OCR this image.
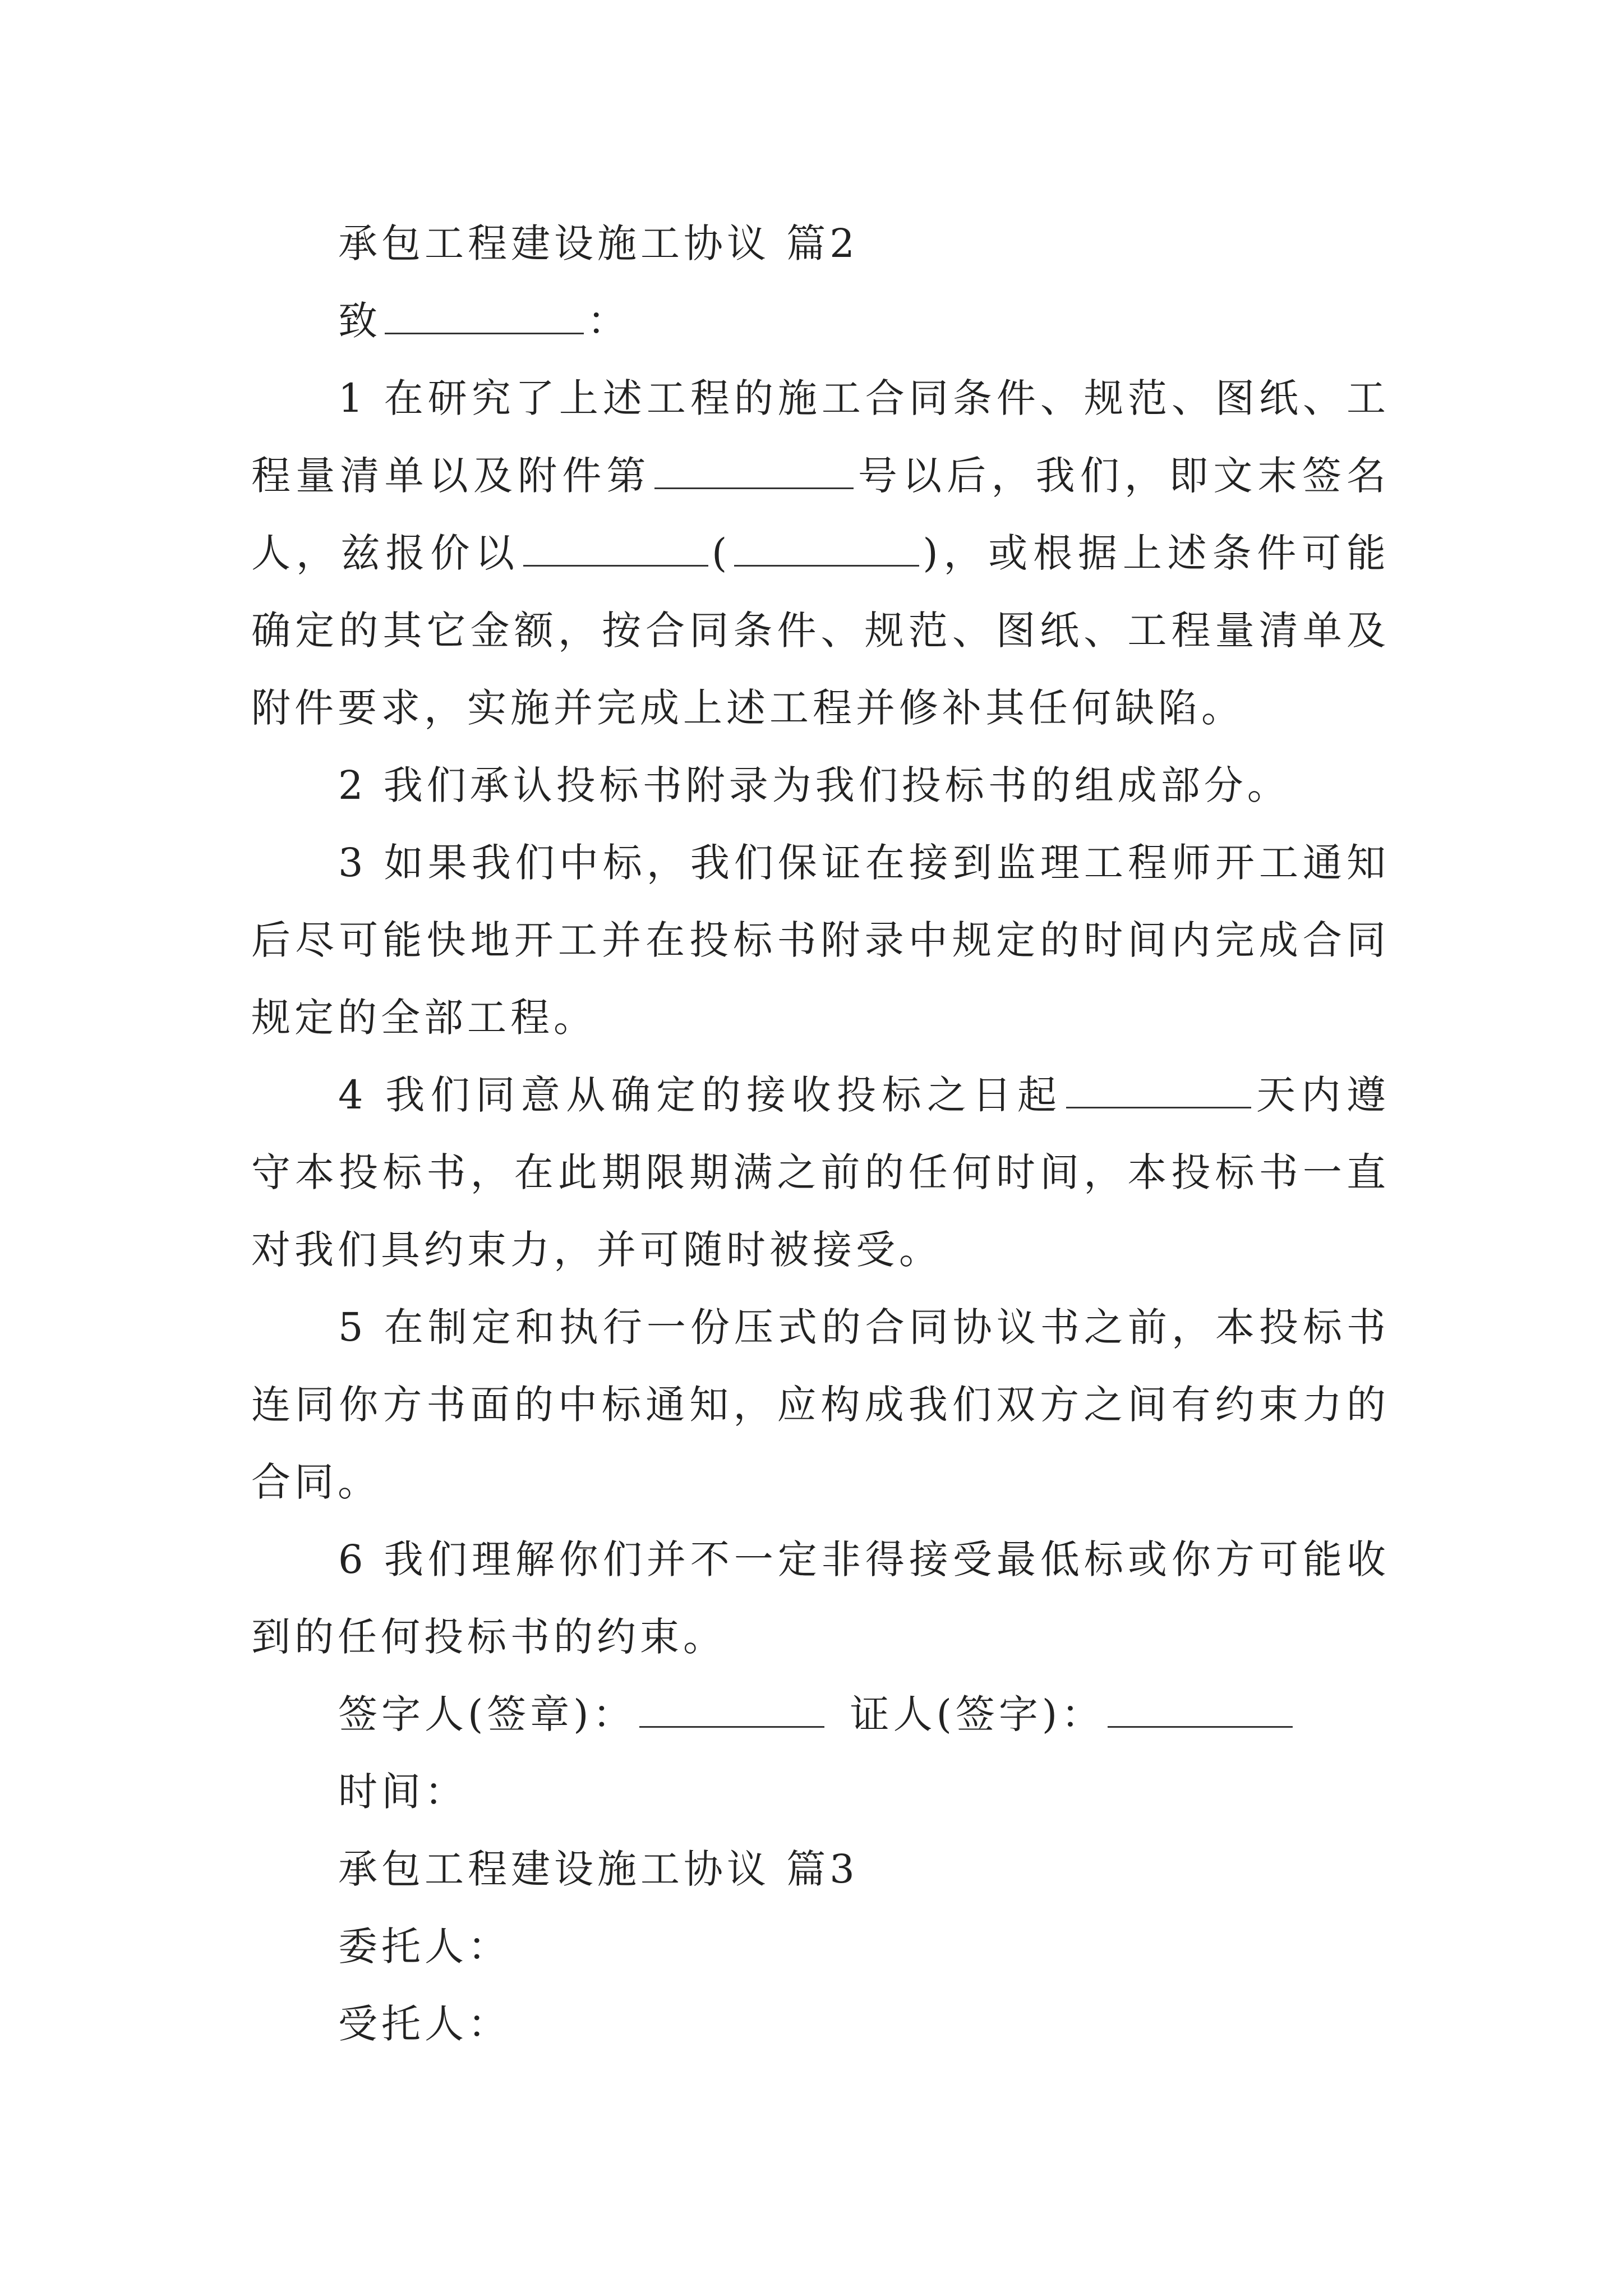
承包工程建设施工协议 篇2

致	：

1 在研究了上述工程的施工合同条件、规范、图纸、工程量清单以及附件第	号以后，我们，即文末签名人，兹报价以	(	)，或根据上述条件可能确定的其它金额，按合同条件、规范、图纸、工程量清单及附件要求，实施并完成上述工程并修补其任何缺陷。

2 我们承认投标书附录为我们投标书的组成部分。

3 如果我们中标，我们保证在接到监理工程师开工通知后尽可能快地开工并在投标书附录中规定的时间内完成合同规定的全部工程。

4 我们同意从确定的接收投标之日起	天内遵守本投标书，在此期限期满之前的任何时间，本投标书一直对我们具约束力，并可随时被接受。

5 在制定和执行一份压式的合同协议书之前，本投标书连同你方书面的中标通知，应构成我们双方之间有约束力的合同。

6 我们理解你们并不一定非得接受最低标或你方可能收到的任何投标书的约束。

签字人(签章)：	证人(签字)：

时间：

承包工程建设施工协议 篇3

委托人：

受托人：
